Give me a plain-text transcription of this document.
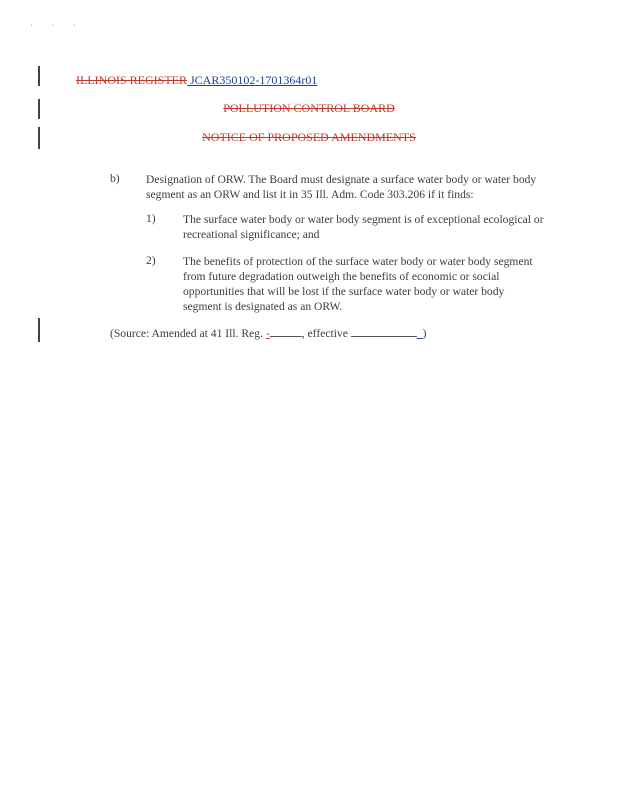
· · ·
ILLINOIS REGISTER JCAR350102-1701364r01
POLLUTION CONTROL BOARD
NOTICE OF PROPOSED AMENDMENTS
b) Designation of ORW. The Board must designate a surface water body or water body segment as an ORW and list it in 35 Ill. Adm. Code 303.206 if it finds:
1) The surface water body or water body segment is of exceptional ecological or recreational significance; and
2) The benefits of protection of the surface water body or water body segment from future degradation outweigh the benefits of economic or social opportunities that will be lost if the surface water body or water body segment is designated as an ORW.
(Source: Amended at 41 Ill. Reg. -	, effective	_)
